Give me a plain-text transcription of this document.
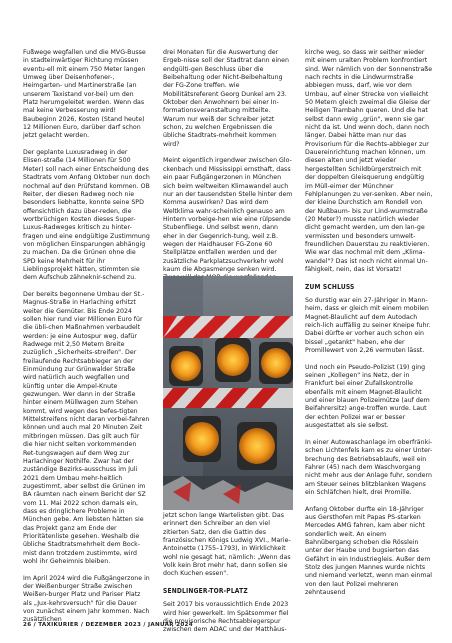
Fußwege wegfallen und die MVG-Busse in stadteinwärtiger Richtung müssen eventu-ell mit einem 750 Meter langen Umweg über Deisenhofener-, Heimgarten- und Martinerstraße (an unserem Taxistand vor-bei) um den Platz herumgeleitet werden. Wenn das mal keine Verbesserung wird! Baubeginn 2026, Kosten (Stand heute) 12 Millionen Euro, darüber darf schon jetzt gelacht werden.

Der geplante Luxusradweg in der Elisen-straße (14 Millionen für 500 Meter) soll nach einer Entscheidung des Stadtrats vom Anfang Oktober nun doch nochmal auf den Prüfstand kommen. OB Reiter, der diesen Radweg noch nie besonders liebhatte, konnte seine SPD offensichtlich dazu über-reden, die wortbrüchigen Kosten dieses Super-Luxus-Radweges kritisch zu hinter-fragen und eine endgültige Zustimmung von möglichen Einsparungen abhängig zu machen. Da die Grünen ohne die SPD keine Mehrheit für ihr Lieblingsprojekt hätten, stimmten sie dem Aufschub zähneknir-schend zu.

Der bereits begonnene Umbau der St.-Magnus-Straße in Harlaching erhitzt weiter die Gemüter. Bis Ende 2024 sollen hier rund vier Millionen Euro für die übli-chen Maßnahmen verbaudelt werden: je eine Autospur weg, dafür Radwege mit 2,50 Metern Breite zuzüglich „Sicherheits-streifen". Der freilaufende Rechtsabbieger an der Einmündung zur Grünwalder Straße wird natürlich auch wegfallen und künftig unter die Ampel-Knute gezwungen. Wer dann in der Straße hinter einem Müllwagen zum Stehen kommt, wird wegen des befes-tigten Mittelstreifens nicht daran vorbei-fahren können und auch mal 20 Minuten Zeit mitbringen müssen. Das gilt auch für die hier nicht selten vorkommenden Ret-tungswagen auf dem Weg zur Harlachinger Nothilfe. Zwar hat der zuständige Bezirks-ausschuss im Juli 2021 dem Umbau mehr-heitlich zugestimmt, aber selbst die Grünen im BA räumten nach einem Bericht der SZ vom 11. Mai 2022 schon damals ein, dass es dringlichere Probleme in München gebe. Am liebsten hätten sie das Projekt ganz am Ende der Prioritätenliste gesehen. Weshalb die übliche Stadtratsmehrheit dem Bock-mist dann trotzdem zustimmte, wird wohl ihr Geheimnis bleiben.

Im April 2024 wird die Fußgängerzone in der Weißenburger Straße zwischen Weißen-burger Platz und Pariser Platz als „Jux-kehrsversuch" für die Dauer von zunächst einem Jahr kommen. Nach zusätzlichen

drei Monaten für die Auswertung der Ergeb-nisse soll der Stadtrat dann einen endgülti-gen Beschluss über die Beibehaltung oder Nicht-Beibehaltung der FG-Zone treffen. wie Mobilitätsreferent Georg Dunkel am 23. Oktober den Anwohnern bei einer In-formationsveranstaltung mitteilte. Warum nur weiß der Schreiber jetzt schon, zu welchen Ergebnissen die übliche Stadtrats-mehrheit kommen wird?

Meint eigentlich irgendwer zwischen Glo-ckenbach und Mississippi ernsthaft, dass ein paar Fußgängerzonen in München sich beim weltweiten Klimawandel auch nur an der tausendsten Stelle hinter dem Komma auswirken? Das wird dem Weltklima wahr-scheinlich genauso am Hintern vorbeige-hen wie eine rülpsende Stubenfliege. Und selbst wenn, dann eher in der Gegenrich-tung, weil z.B. wegen der Haidhauser FG-Zone 60 Stellplätze entfallen werden und der zusätzliche Parkplatzsuchverkehr wohl kaum die Abgasmenge senken wird.

jetzt schon lange Wartelisten gibt. Das erinnert den Schreiber an den viel zitierten Satz, den die Gattin des französischen Königs Ludwig XVI., Marie-Antoinette (1755–1793), in Wirklichkeit wohl nie gesagt hat, nämlich: „Wenn das Volk kein Brot mehr hat, dann sollen sie doch Kuchen essen".

SENDLINGER-TOR-PLATZ

Seit 2017 bis voraussichtlich Ende 2023 wird hier gewerkelt. Im Spätsommer fiel die provisorische Rechtsabbiegerspur zwischen dem ADAC und der Matthäus-

kirche weg, so dass wir seither wieder mit einem uralten Problem konfrontiert sind. Wer nämlich von der Sonnenstraße nach rechts in die Lindwurmstraße abbiegen muss, darf, wie vor dem Umbau, auf einer Strecke von vielleicht 50 Metern gleich zweimal die Gleise der Heiligen Trambahn queren. Und die hat selbst dann ewig „grün", wenn sie gar nicht da ist. Und wenn doch, dann noch länger. Dabei hätte man nur das Provisorium für die Rechts-abbieger zur Dauereinrichtung machen können, um diesen alten und jetzt wieder hergestellten Schildbürgerstreich mit der doppelten Gleisquerung endgültig im Müll-eimer der Münchner Fehlplanungen zu ver-senken. Aber nein, der kleine Durchstich am Rondell von der Nußbaum- bis zur Lind-wurmstraße (20 Meter?) musste natürlich wieder dicht gemacht werden, um den lan-ge vermissten und besonders umwelt-freundlichen Dauerstau zu reaktivieren. Wie war das nochmal mit dem „Klima-wandel"? Das ist noch nicht einmal Un-fähigkeit, nein, das ist Vorsatz!

ZUM SCHLUSS

So durstig war ein 27-Jähriger in Mann-heim, dass er gleich mit einem mobilen Magnet-Blaulicht auf dem Autodach reich-lich auffällig zu seiner Kneipe fuhr. Dabei dürfte er vorher auch schon ein bissel „getankt" haben, ehe der Promillewert von 2,26 vermuten lässt.

Und noch ein Pseudo-Polizist (19) ging seinen „Kollegen" ins Netz, der in Frankfurt bei einer Zufallskontrolle ebenfalls mit einem Magnet-Blaulicht und einer blauen Polizeimütze (auf dem Beifahrersitz) ange-troffen wurde. Laut der echten Polizei war er besser ausgestattet als sie selbst.

In einer Autowaschanlage im oberfränki-schen Lichtenfels kam es zu einer Unter-brechung des Betriebsablaufs, weil ein Fahrer (45) nach dem Waschvorgang nicht mehr aus der Anlage fuhr, sondern am Steuer seines blitzblanken Wagens ein Schläfchen hielt, drei Promille.

Anfang Oktober durfte ein 18-Jähriger aus Gersthofen mit Papas PS-starken Mercedes AMG fahren, kam aber nicht sonderlich weit. An einem Bahnübergang schoben die Rösslein unter der Haube und bugsierten das Gefährt in ein Industriegleis. Außer dem Stolz des jungen Mannes wurde nichts und niemand verletzt, wenn man einmal von den laut Polizei mehreren zehntausend

26 / TAXIKURIER / DEZEMBER 2023 / JANUAR 2024
